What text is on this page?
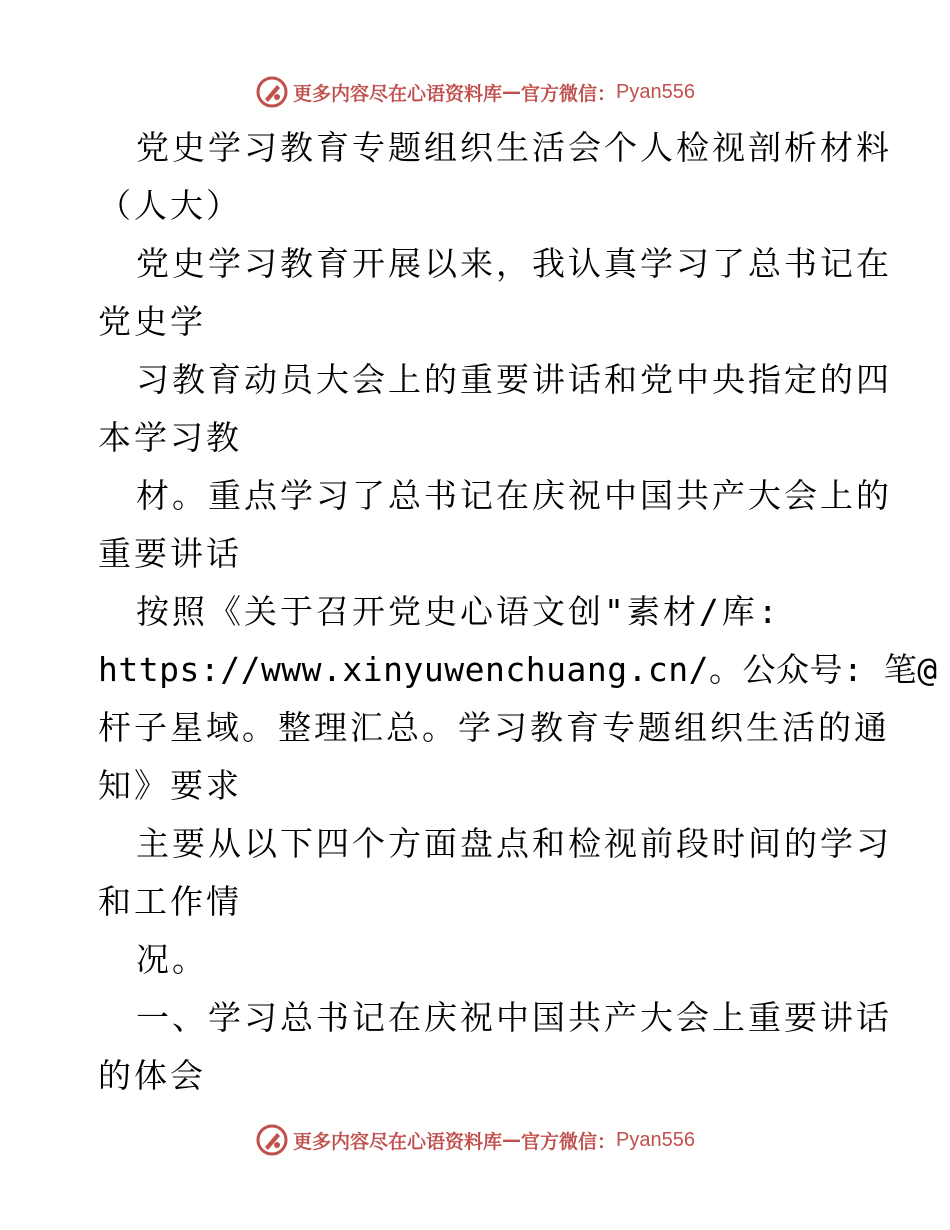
更多内容尽在心语资料库 — 官方微信： Pyan556
党史学习教育专题组织生活会个人检视剖析材料
（人大）
党史学习教育开展以来，我认真学习了总书记在
党史学
习教育动员大会上的重要讲话和党中央指定的四
本学习教
材。重点学习了总书记在庆祝中国共产大会上的
重要讲话
按照《关于召开党史心语文创"素材/库:
https://www.xinyuwenchuang.cn/。公众号: 笔@
杆子星域。整理汇总。学习教育专题组织生活的通
知》要求
主要从以下四个方面盘点和检视前段时间的学习
和工作情
况。
一、学习总书记在庆祝中国共产大会上重要讲话
的体会
更多内容尽在心语资料库 — 官方微信： Pyan556
